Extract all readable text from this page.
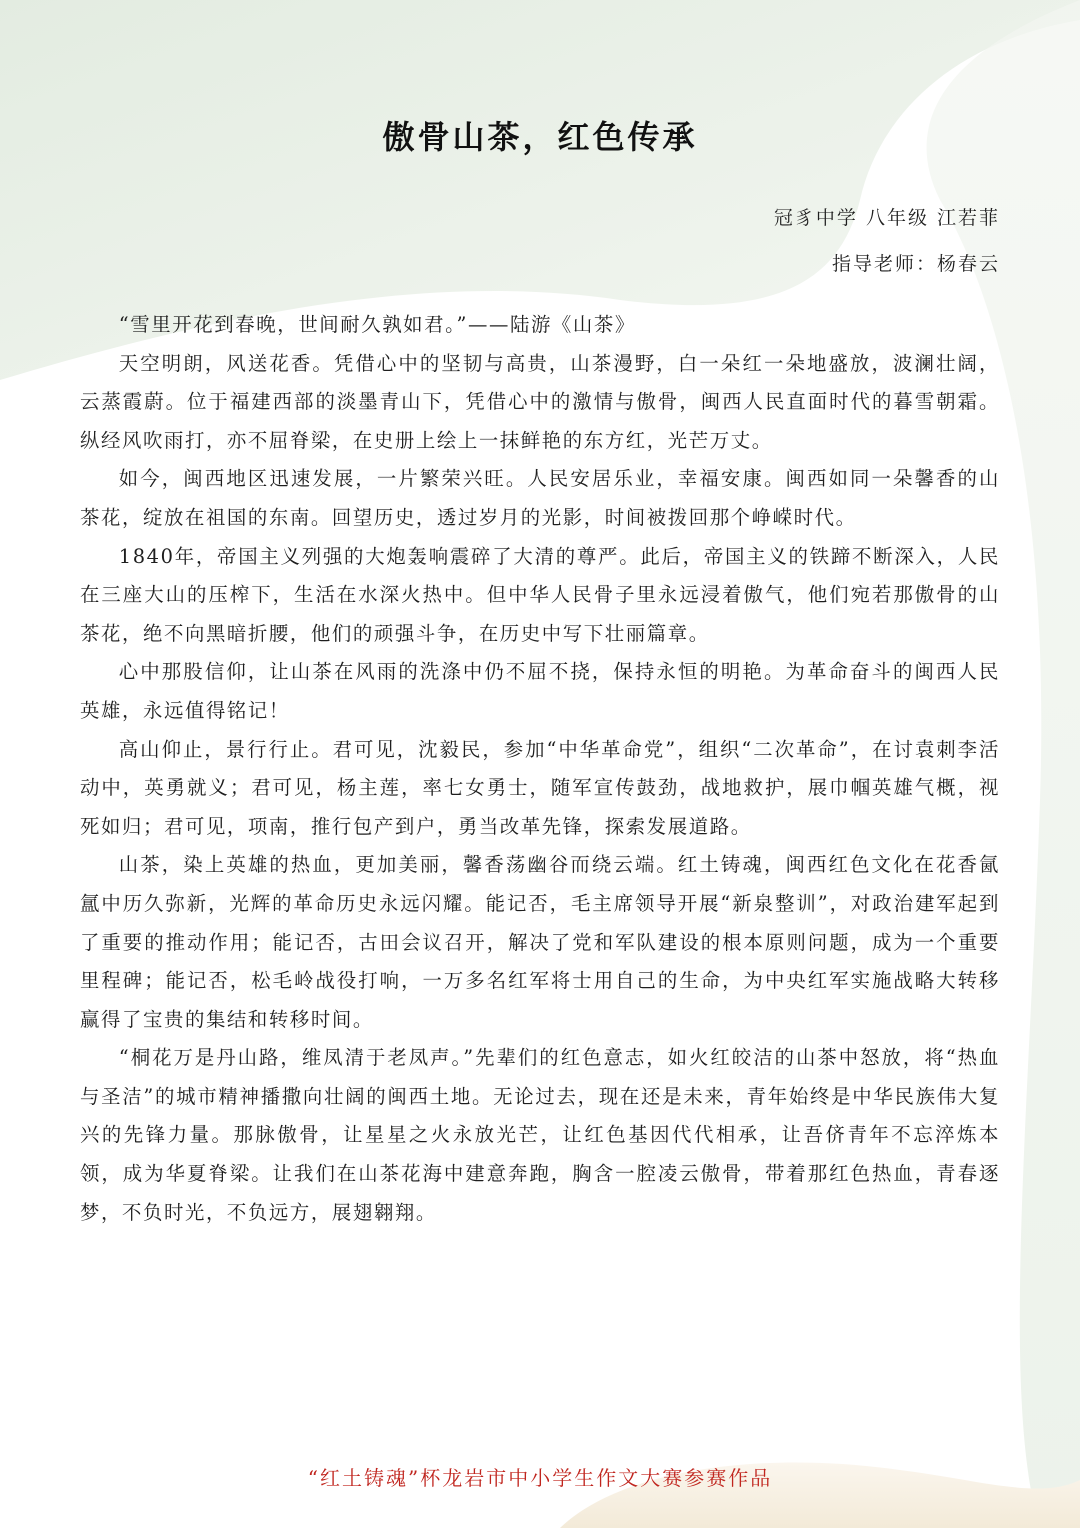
傲骨山茶，红色传承
冠豸中学 八年级 江若菲
指导老师：杨春云

“雪里开花到春晚，世间耐久孰如君。”——陆游《山茶》

天空明朗，风送花香。凭借心中的坚韧与高贵，山茶漫野，白一朵红一朵地盛放，波澜壮阔，云蒸霞蔚。位于福建西部的淡墨青山下，凭借心中的激情与傲骨，闽西人民直面时代的暮雪朝霜。纵经风吹雨打，亦不屈脊梁，在史册上绘上一抹鲜艳的东方红，光芒万丈。

如今，闽西地区迅速发展，一片繁荣兴旺。人民安居乐业，幸福安康。闽西如同一朵馨香的山茶花，绽放在祖国的东南。回望历史，透过岁月的光影，时间被拨回那个峥嵘时代。

1840年，帝国主义列强的大炮轰响震碎了大清的尊严。此后，帝国主义的铁蹄不断深入，人民在三座大山的压榨下，生活在水深火热中。但中华人民骨子里永远浸着傲气，他们宛若那傲骨的山茶花，绝不向黑暗折腰，他们的顽强斗争，在历史中写下壮丽篇章。

心中那股信仰，让山茶在风雨的洗涤中仍不屈不挠，保持永恒的明艳。为革命奋斗的闽西人民英雄，永远值得铭记！

高山仰止，景行行止。君可见，沈毅民，参加“中华革命党”，组织“二次革命”，在讨袁刺李活动中，英勇就义；君可见，杨主莲，率七女勇士，随军宣传鼓劲，战地救护，展巾帼英雄气概，视死如归；君可见，项南，推行包产到户，勇当改革先锋，探索发展道路。

山茶，染上英雄的热血，更加美丽，馨香荡幽谷而绕云端。红土铸魂，闽西红色文化在花香氤氲中历久弥新，光辉的革命历史永远闪耀。能记否，毛主席领导开展“新泉整训”，对政治建军起到了重要的推动作用；能记否，古田会议召开，解决了党和军队建设的根本原则问题，成为一个重要里程碑；能记否，松毛岭战役打响，一万多名红军将士用自己的生命，为中央红军实施战略大转移赢得了宝贵的集结和转移时间。

“桐花万是丹山路，维凤清于老凤声。”先辈们的红色意志，如火红皎洁的山茶中怒放，将“热血与圣洁”的城市精神播撒向壮阔的闽西土地。无论过去，现在还是未来，青年始终是中华民族伟大复兴的先锋力量。那脉傲骨，让星星之火永放光芒，让红色基因代代相承，让吾侪青年不忘淬炼本领，成为华夏脊梁。让我们在山茶花海中建意奔跑，胸含一腔凌云傲骨，带着那红色热血，青春逐梦，不负时光，不负远方，展翅翱翔。

“红土铸魂”杯龙岩市中小学生作文大赛参赛作品
